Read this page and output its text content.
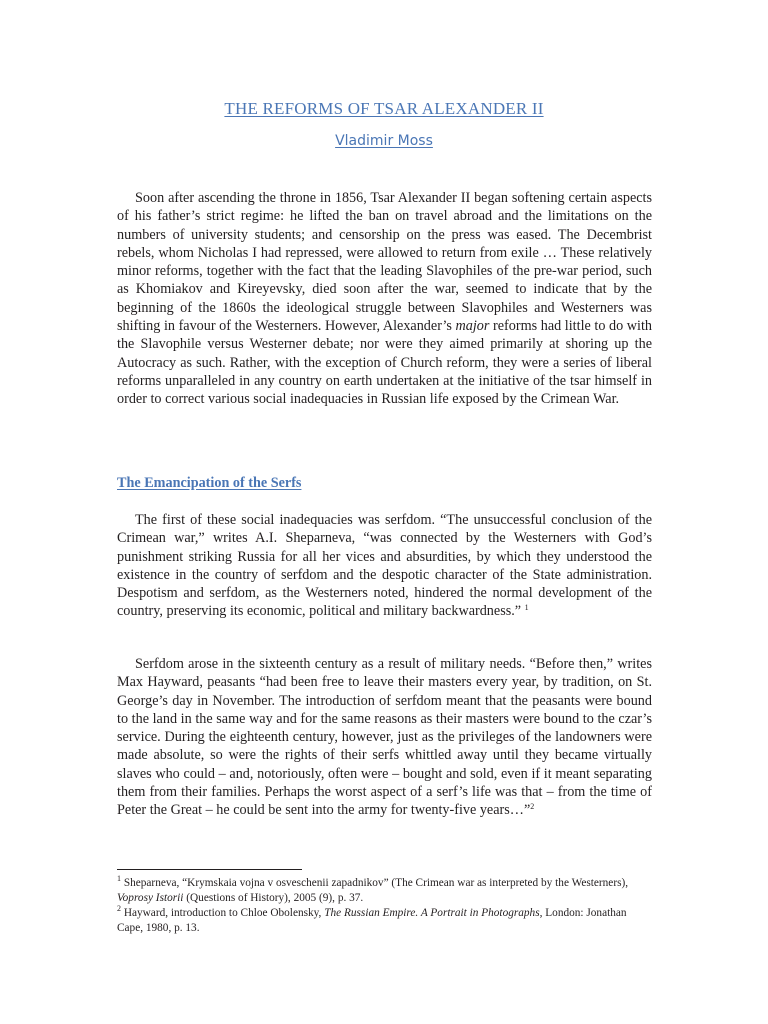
THE REFORMS OF TSAR ALEXANDER II
Vladimir Moss

Soon after ascending the throne in 1856, Tsar Alexander II began softening certain aspects of his father’s strict regime: he lifted the ban on travel abroad and the limitations on the numbers of university students; and censorship on the press was eased. The Decembrist rebels, whom Nicholas I had repressed, were allowed to return from exile … These relatively minor reforms, together with the fact that the leading Slavophiles of the pre-war period, such as Khomiakov and Kireyevsky, died soon after the war, seemed to indicate that by the beginning of the 1860s the ideological struggle between Slavophiles and Westerners was shifting in favour of the Westerners. However, Alexander’s major reforms had little to do with the Slavophile versus Westerner debate; nor were they aimed primarily at shoring up the Autocracy as such. Rather, with the exception of Church reform, they were a series of liberal reforms unparalleled in any country on earth undertaken at the initiative of the tsar himself in order to correct various social inadequacies in Russian life exposed by the Crimean War.

The Emancipation of the Serfs

The first of these social inadequacies was serfdom. “The unsuccessful conclusion of the Crimean war,” writes A.I. Sheparneva, “was connected by the Westerners with God’s punishment striking Russia for all her vices and absurdities, by which they understood the existence in the country of serfdom and the despotic character of the State administration. Despotism and serfdom, as the Westerners noted, hindered the normal development of the country, preserving its economic, political and military backwardness.” $^1$

Serfdom arose in the sixteenth century as a result of military needs. “Before then,” writes Max Hayward, peasants “had been free to leave their masters every year, by tradition, on St. George’s day in November. The introduction of serfdom meant that the peasants were bound to the land in the same way and for the same reasons as their masters were bound to the czar’s service. During the eighteenth century, however, just as the privileges of the landowners were made absolute, so were the rights of their serfs whittled away until they became virtually slaves who could – and, notoriously, often were – bought and sold, even if it meant separating them from their families. Perhaps the worst aspect of a serf’s life was that – from the time of Peter the Great – he could be sent into the army for twenty-five years…”$^2$

$^1$ Sheparneva, “Krymskaia vojna v osveschenii zapadnikov” (The Crimean war as interpreted by the Westerners), Voprosy Istorii (Questions of History), 2005 (9), p. 37.

$^2$ Hayward, introduction to Chloe Obolensky, The Russian Empire. A Portrait in Photographs, London: Jonathan Cape, 1980, p. 13.
